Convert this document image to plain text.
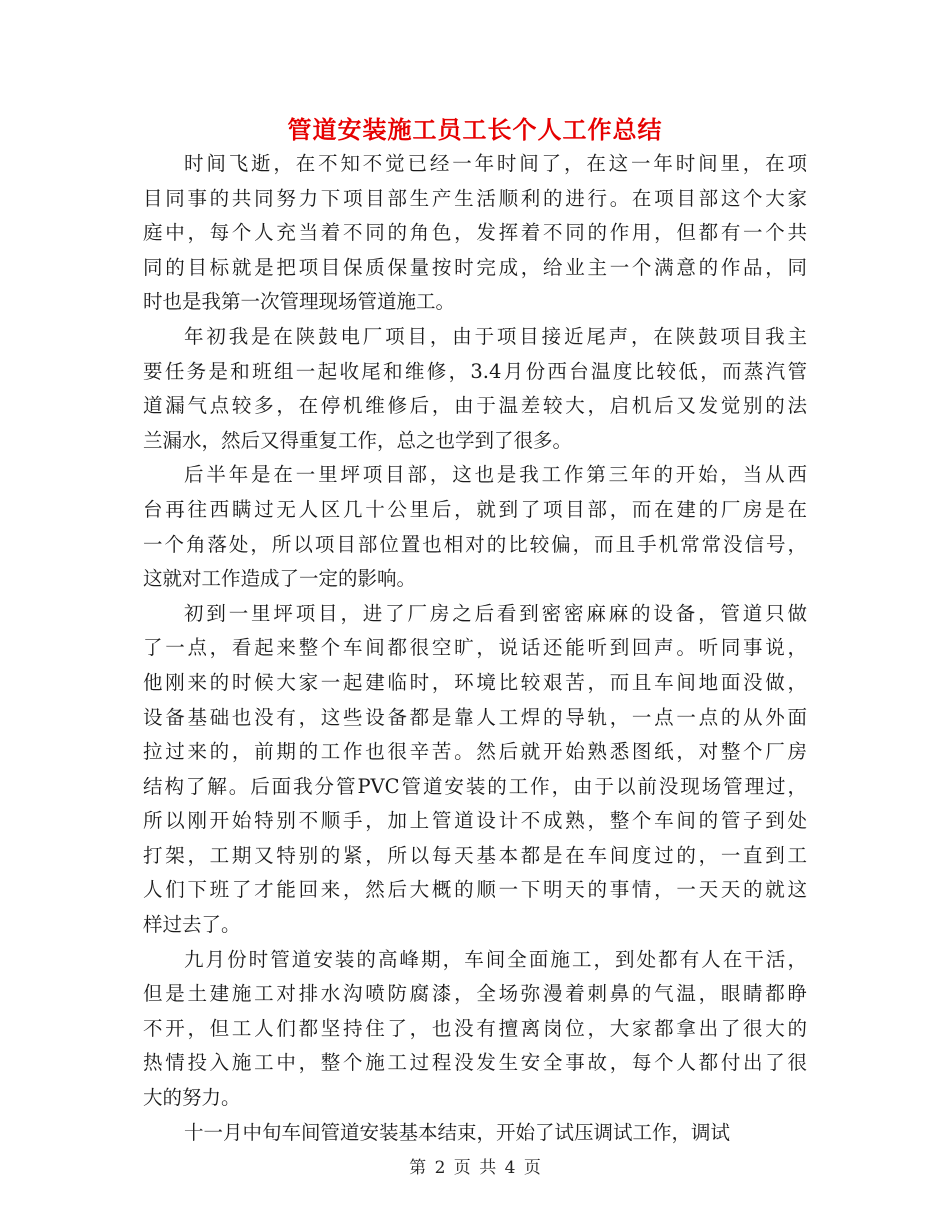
管道安装施工员工长个人工作总结
时间飞逝，在不知不觉已经一年时间了，在这一年时间里，在项
目同事的共同努力下项目部生产生活顺利的进行。在项目部这个大家
庭中，每个人充当着不同的角色，发挥着不同的作用，但都有一个共
同的目标就是把项目保质保量按时完成，给业主一个满意的作品，同
时也是我第一次管理现场管道施工。
年初我是在陕鼓电厂项目，由于项目接近尾声，在陕鼓项目我主
要任务是和班组一起收尾和维修，3.4月份西台温度比较低，而蒸汽管
道漏气点较多，在停机维修后，由于温差较大，启机后又发觉别的法
兰漏水，然后又得重复工作，总之也学到了很多。
后半年是在一里坪项目部，这也是我工作第三年的开始，当从西
台再往西瞒过无人区几十公里后，就到了项目部，而在建的厂房是在
一个角落处，所以项目部位置也相对的比较偏，而且手机常常没信号，
这就对工作造成了一定的影响。
初到一里坪项目，进了厂房之后看到密密麻麻的设备，管道只做
了一点，看起来整个车间都很空旷，说话还能听到回声。听同事说，
他刚来的时候大家一起建临时，环境比较艰苦，而且车间地面没做，
设备基础也没有，这些设备都是靠人工焊的导轨，一点一点的从外面
拉过来的，前期的工作也很辛苦。然后就开始熟悉图纸，对整个厂房
结构了解。后面我分管PVC管道安装的工作，由于以前没现场管理过，
所以刚开始特别不顺手，加上管道设计不成熟，整个车间的管子到处
打架，工期又特别的紧，所以每天基本都是在车间度过的，一直到工
人们下班了才能回来，然后大概的顺一下明天的事情，一天天的就这
样过去了。
九月份时管道安装的高峰期，车间全面施工，到处都有人在干活，
但是土建施工对排水沟喷防腐漆，全场弥漫着刺鼻的气温，眼睛都睁
不开，但工人们都坚持住了，也没有擅离岗位，大家都拿出了很大的
热情投入施工中，整个施工过程没发生安全事故，每个人都付出了很
大的努力。
十一月中旬车间管道安装基本结束，开始了试压调试工作，调试
第 2 页 共 4 页
